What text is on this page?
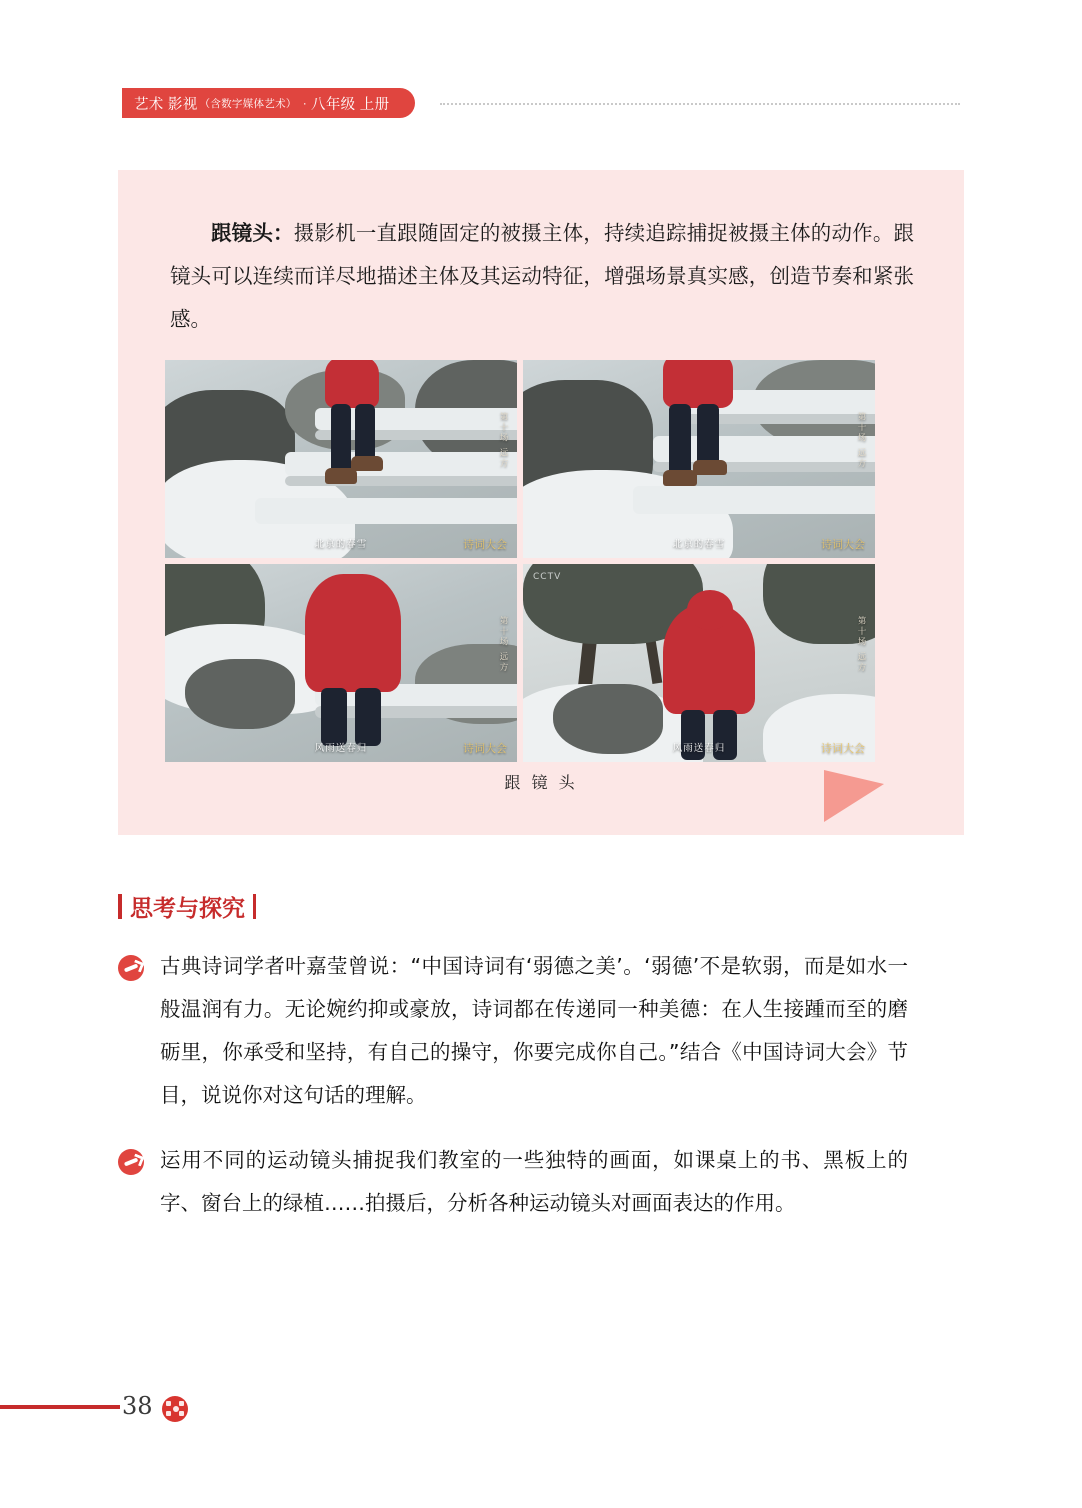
艺术 影视 （含数字媒体艺术） · 八年级
上册
跟镜头：摄影机一直跟随固定的被摄主体，持续追踪捕捉被摄主体的动作。跟镜头可以连续而详尽地描述主体及其运动特征，增强场景真实感，创造节奏和紧张感。
第十场 远方
诗词大会
北京的春雪
第十场 远方
诗词大会
北京的春雪
第十场 远方
诗词大会
风雨送春归
CCTV
第十场 远方
诗词大会
风雨送春归
跟 镜 头
思考与探究
古典诗词学者叶嘉莹曾说：“中国诗词有‘弱德之美’。‘弱德’不是软弱，而是如水一般温润有力。无论婉约抑或豪放，诗词都在传递同一种美德：在人生接踵而至的磨砺里，你承受和坚持，有自己的操守，你要完成你自己。”结合《中国诗词大会》节目，说说你对这句话的理解。
运用不同的运动镜头捕捉我们教室的一些独特的画面，如课桌上的书、黑板上的字、窗台上的绿植……拍摄后，分析各种运动镜头对画面表达的作用。
38
